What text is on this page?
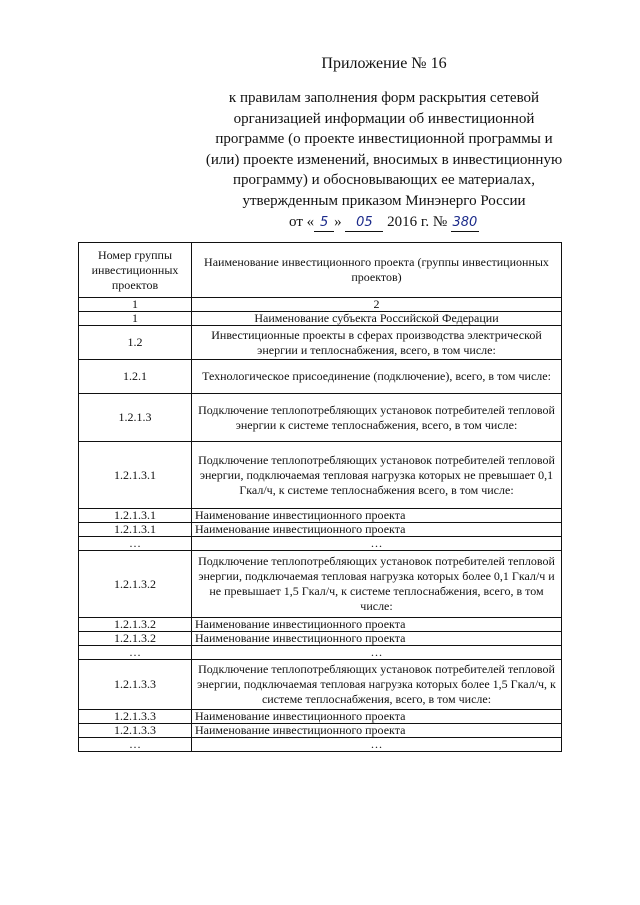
Приложение № 16
к правилам заполнения форм раскрытия сетевой
организацией информации об инвестиционной
программе (о проекте инвестиционной программы и
(или) проекте изменений, вносимых в инвестиционную
программу) и обосновывающих ее материалах,
утвержденным приказом Минэнерго России
от « 5 » 05 2016 г. № 380
Номер группы инвестиционных проектов	Наименование инвестиционного проекта (группы инвестиционных проектов)
1	2
1	Наименование субъекта Российской Федерации
1.2	Инвестиционные проекты в сферах производства электрической энергии и теплоснабжения, всего, в том числе:
1.2.1	Технологическое присоединение (подключение), всего, в том числе:
1.2.1.3	Подключение теплопотребляющих установок потребителей тепловой энергии к системе теплоснабжения, всего, в том числе:
1.2.1.3.1	Подключение теплопотребляющих установок потребителей тепловой энергии, подключаемая тепловая нагрузка которых не превышает 0,1 Гкал/ч, к системе теплоснабжения всего, в том числе:
1.2.1.3.1	Наименование инвестиционного проекта
1.2.1.3.1	Наименование инвестиционного проекта
…	…
1.2.1.3.2	Подключение теплопотребляющих установок потребителей тепловой энергии, подключаемая тепловая нагрузка которых более 0,1 Гкал/ч и не превышает 1,5 Гкал/ч, к системе теплоснабжения, всего, в том числе:
1.2.1.3.2	Наименование инвестиционного проекта
1.2.1.3.2	Наименование инвестиционного проекта
…	…
1.2.1.3.3	Подключение теплопотребляющих установок потребителей тепловой энергии, подключаемая тепловая нагрузка которых более 1,5 Гкал/ч, к системе теплоснабжения, всего, в том числе:
1.2.1.3.3	Наименование инвестиционного проекта
1.2.1.3.3	Наименование инвестиционного проекта
…	…
